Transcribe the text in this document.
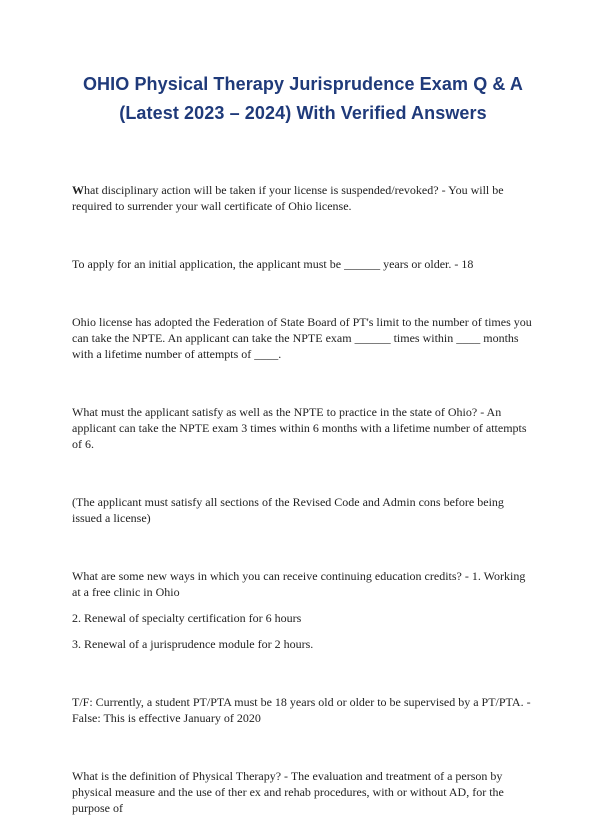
OHIO Physical Therapy Jurisprudence Exam Q & A
(Latest 2023 – 2024) With Verified Answers

What disciplinary action will be taken if your license is suspended/revoked? - You will be required to surrender your wall certificate of Ohio license.

To apply for an initial application, the applicant must be ______ years or older. - 18

Ohio license has adopted the Federation of State Board of PT's limit to the number of times you can take the NPTE. An applicant can take the NPTE exam ______ times within ____ months with a lifetime number of attempts of ____.

What must the applicant satisfy as well as the NPTE to practice in the state of Ohio? - An applicant can take the NPTE exam 3 times within 6 months with a lifetime number of attempts of 6.

(The applicant must satisfy all sections of the Revised Code and Admin cons before being issued a license)

What are some new ways in which you can receive continuing education credits? - 1. Working at a free clinic in Ohio

2. Renewal of specialty certification for 6 hours

3. Renewal of a jurisprudence module for 2 hours.

T/F: Currently, a student PT/PTA must be 18 years old or older to be supervised by a PT/PTA. - False: This is effective January of 2020

What is the definition of Physical Therapy? - The evaluation and treatment of a person by physical measure and the use of ther ex and rehab procedures, with or without AD, for the purpose of
